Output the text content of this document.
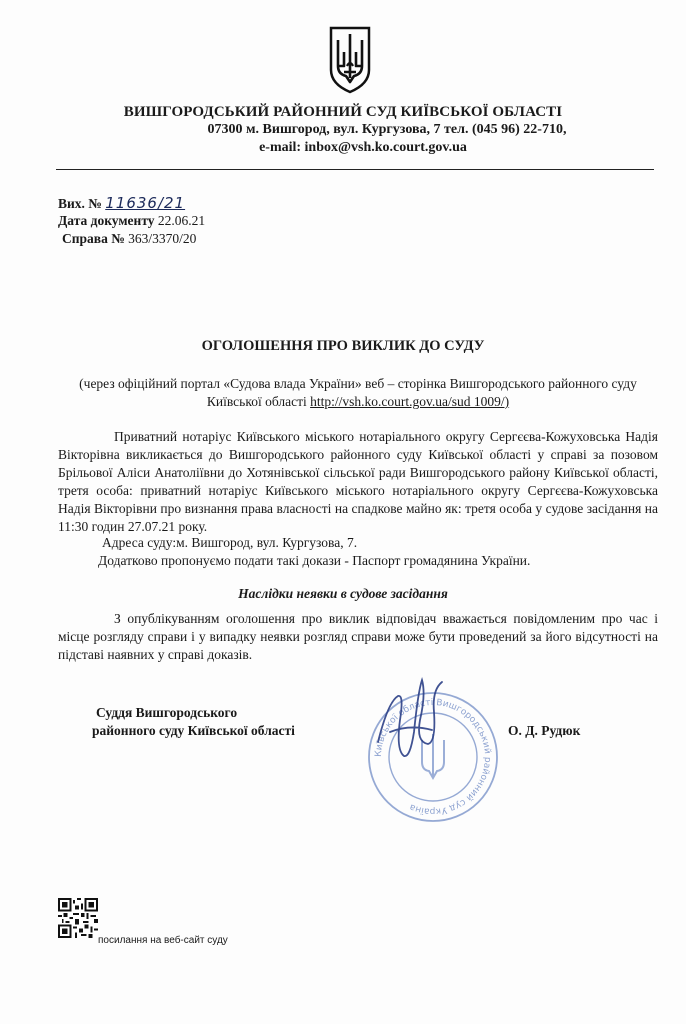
ВИШГОРОДСЬКИЙ РАЙОННИЙ СУД КИЇВСЬКОЇ ОБЛАСТІ
07300 м. Вишгород, вул. Кургузова, 7 тел. (045 96) 22-710,
e-mail: inbox@vsh.ko.court.gov.ua
Вих. № 11636/21
Дата документу 22.06.21
Справа № 363/3370/20
ОГОЛОШЕННЯ ПРО ВИКЛИК ДО СУДУ
(через офіційний портал «Судова влада України» веб – сторінка Вишгородського районного суду
Київської області http://vsh.ko.court.gov.ua/sud 1009/)
Приватний нотаріус Київського міського нотаріального округу Сергєєва-Кожуховська Надія Вікторівна викликається до Вишгородського районного суду Київської області у справі за позовом Брільової Аліси Анатоліївни до Хотянівської сільської ради Вишгородського району Київської області, третя особа: приватний нотаріус Київського міського нотаріального округу Сергєєва-Кожуховська Надія Вікторівни про визнання права власності на спадкове майно як: третя особа у судове засідання на 11:30 годин 27.07.21 року.
Адреса суду:м. Вишгород, вул. Кургузова, 7.
Додатково пропонуємо подати такі докази - Паспорт громадянина України.
Наслідки неявки в судове засідання
З опублікуванням оголошення про виклик відповідач вважається повідомленим про час і місце розгляду справи і у випадку неявки розгляд справи може бути проведений за його відсутності на підставі наявних у справі доказів.
Суддя Вишгородського
районного суду Київської області	О. Д. Рудюк
Київської області Вишгородський районний суд Україна
посилання на веб-сайт суду
